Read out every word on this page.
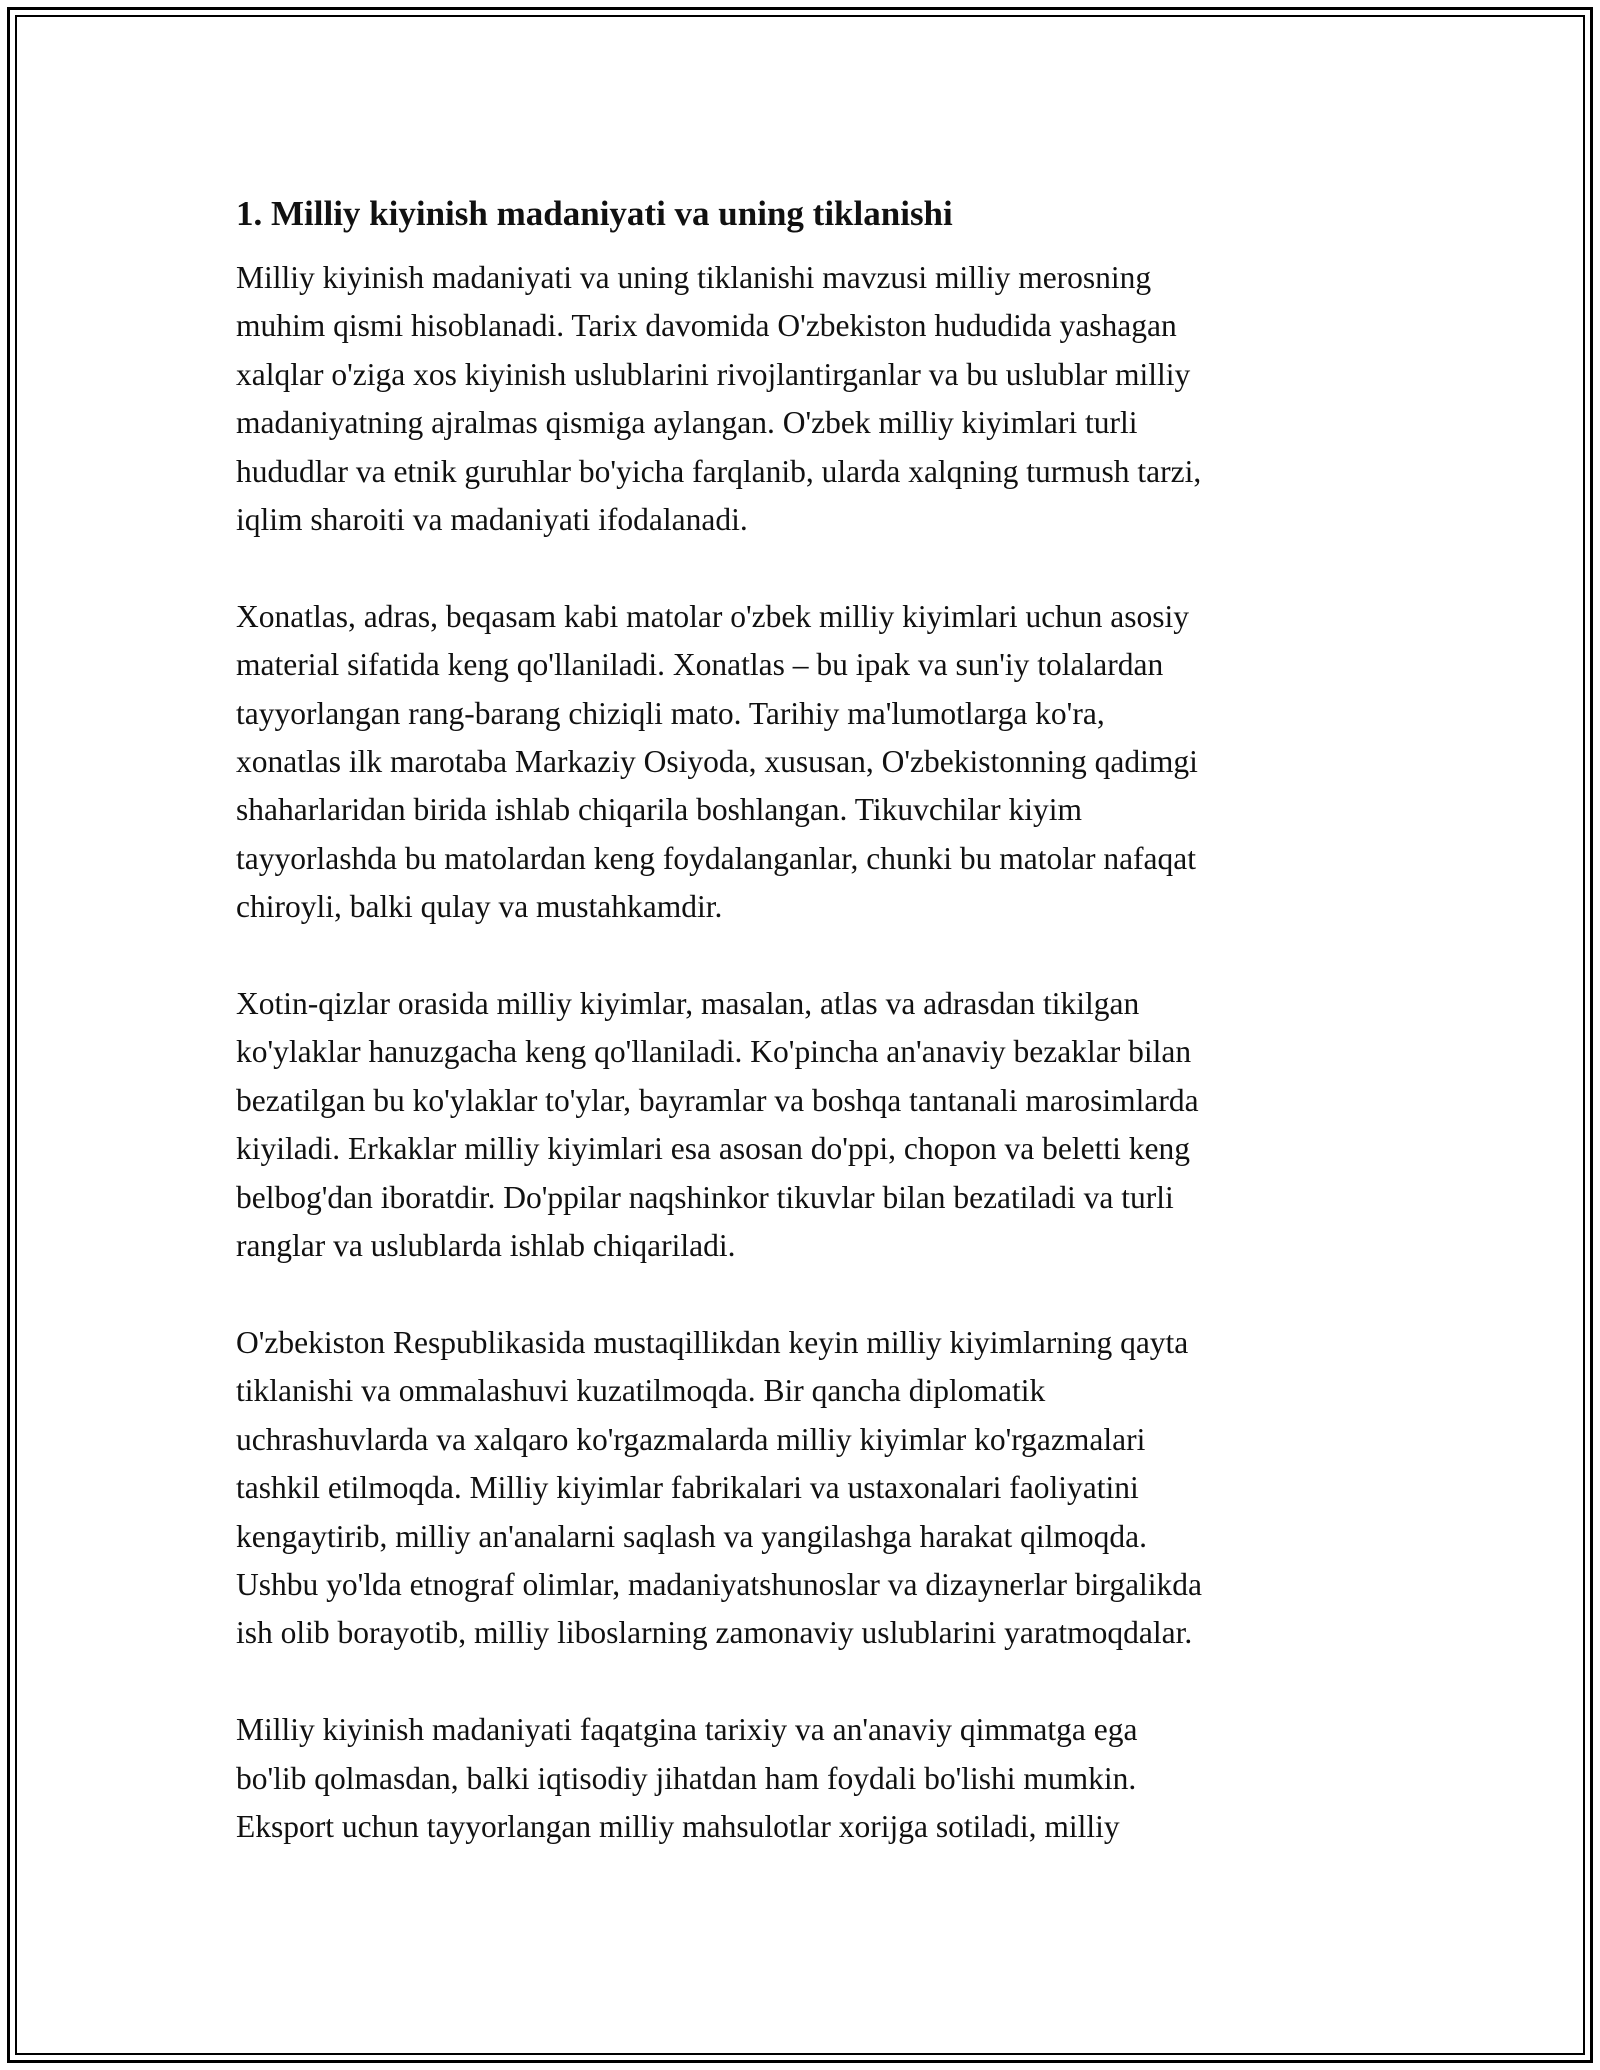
1. Milliy kiyinish madaniyati va uning tiklanishi
Milliy kiyinish madaniyati va uning tiklanishi mavzusi milliy merosning
muhim qismi hisoblanadi. Tarix davomida O'zbekiston hududida yashagan
xalqlar o'ziga xos kiyinish uslublarini rivojlantirganlar va bu uslublar milliy
madaniyatning ajralmas qismiga aylangan. O'zbek milliy kiyimlari turli
hududlar va etnik guruhlar bo'yicha farqlanib, ularda xalqning turmush tarzi,
iqlim sharoiti va madaniyati ifodalanadi.
Xonatlas, adras, beqasam kabi matolar o'zbek milliy kiyimlari uchun asosiy
material sifatida keng qo'llaniladi. Xonatlas – bu ipak va sun'iy tolalardan
tayyorlangan rang-barang chiziqli mato. Tarihiy ma'lumotlarga ko'ra,
xonatlas ilk marotaba Markaziy Osiyoda, xususan, O'zbekistonning qadimgi
shaharlaridan birida ishlab chiqarila boshlangan. Tikuvchilar kiyim
tayyorlashda bu matolardan keng foydalanganlar, chunki bu matolar nafaqat
chiroyli, balki qulay va mustahkamdir.
Xotin-qizlar orasida milliy kiyimlar, masalan, atlas va adrasdan tikilgan
ko'ylaklar hanuzgacha keng qo'llaniladi. Ko'pincha an'anaviy bezaklar bilan
bezatilgan bu ko'ylaklar to'ylar, bayramlar va boshqa tantanali marosimlarda
kiyiladi. Erkaklar milliy kiyimlari esa asosan do'ppi, chopon va beletti keng
belbog'dan iboratdir. Do'ppilar naqshinkor tikuvlar bilan bezatiladi va turli
ranglar va uslublarda ishlab chiqariladi.
O'zbekiston Respublikasida mustaqillikdan keyin milliy kiyimlarning qayta
tiklanishi va ommalashuvi kuzatilmoqda. Bir qancha diplomatik
uchrashuvlarda va xalqaro ko'rgazmalarda milliy kiyimlar ko'rgazmalari
tashkil etilmoqda. Milliy kiyimlar fabrikalari va ustaxonalari faoliyatini
kengaytirib, milliy an'analarni saqlash va yangilashga harakat qilmoqda.
Ushbu yo'lda etnograf olimlar, madaniyatshunoslar va dizaynerlar birgalikda
ish olib borayotib, milliy liboslarning zamonaviy uslublarini yaratmoqdalar.
Milliy kiyinish madaniyati faqatgina tarixiy va an'anaviy qimmatga ega
bo'lib qolmasdan, balki iqtisodiy jihatdan ham foydali bo'lishi mumkin.
Eksport uchun tayyorlangan milliy mahsulotlar xorijga sotiladi, milliy
